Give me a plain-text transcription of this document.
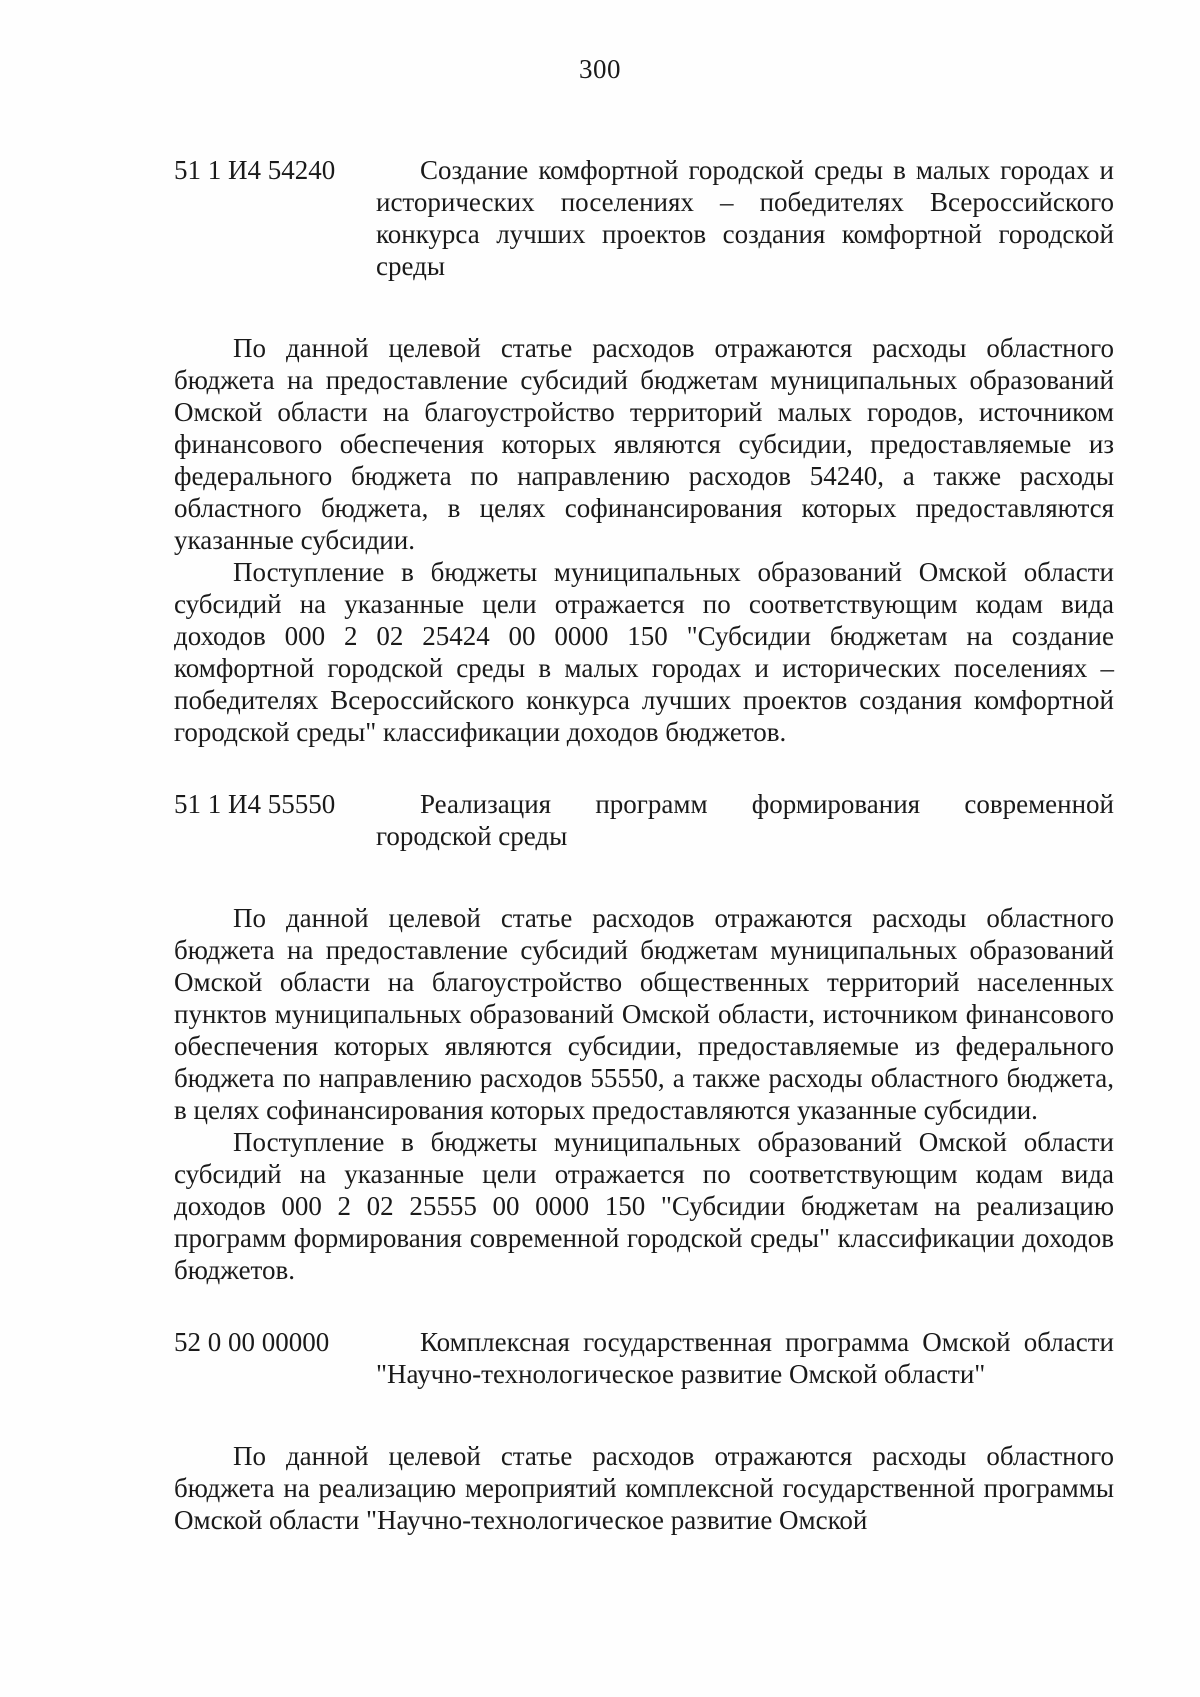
300
51 1 И4 54240	Создание комфортной городской среды в малых городах и исторических поселениях – победителях Всероссийского конкурса лучших проектов создания комфортной городской среды

По данной целевой статье расходов отражаются расходы областного бюджета на предоставление субсидий бюджетам муниципальных образований Омской области на благоустройство территорий малых городов, источником финансового обеспечения которых являются субсидии, предоставляемые из федерального бюджета по направлению расходов 54240, а также расходы областного бюджета, в целях софинансирования которых предоставляются указанные субсидии.

Поступление в бюджеты муниципальных образований Омской области субсидий на указанные цели отражается по соответствующим кодам вида доходов 000 2 02 25424 00 0000 150 "Субсидии бюджетам на создание комфортной городской среды в малых городах и исторических поселениях – победителях Всероссийского конкурса лучших проектов создания комфортной городской среды" классификации доходов бюджетов.

51 1 И4 55550	Реализация программ формирования современной городской среды

По данной целевой статье расходов отражаются расходы областного бюджета на предоставление субсидий бюджетам муниципальных образований Омской области на благоустройство общественных территорий населенных пунктов муниципальных образований Омской области, источником финансового обеспечения которых являются субсидии, предоставляемые из федерального бюджета по направлению расходов 55550, а также расходы областного бюджета, в целях софинансирования которых предоставляются указанные субсидии.

Поступление в бюджеты муниципальных образований Омской области субсидий на указанные цели отражается по соответствующим кодам вида доходов 000 2 02 25555 00 0000 150 "Субсидии бюджетам на реализацию программ формирования современной городской среды" классификации доходов бюджетов.

52 0 00 00000	Комплексная государственная программа Омской области "Научно-технологическое развитие Омской области"

По данной целевой статье расходов отражаются расходы областного бюджета на реализацию мероприятий комплексной государственной программы Омской области "Научно-технологическое развитие Омской
